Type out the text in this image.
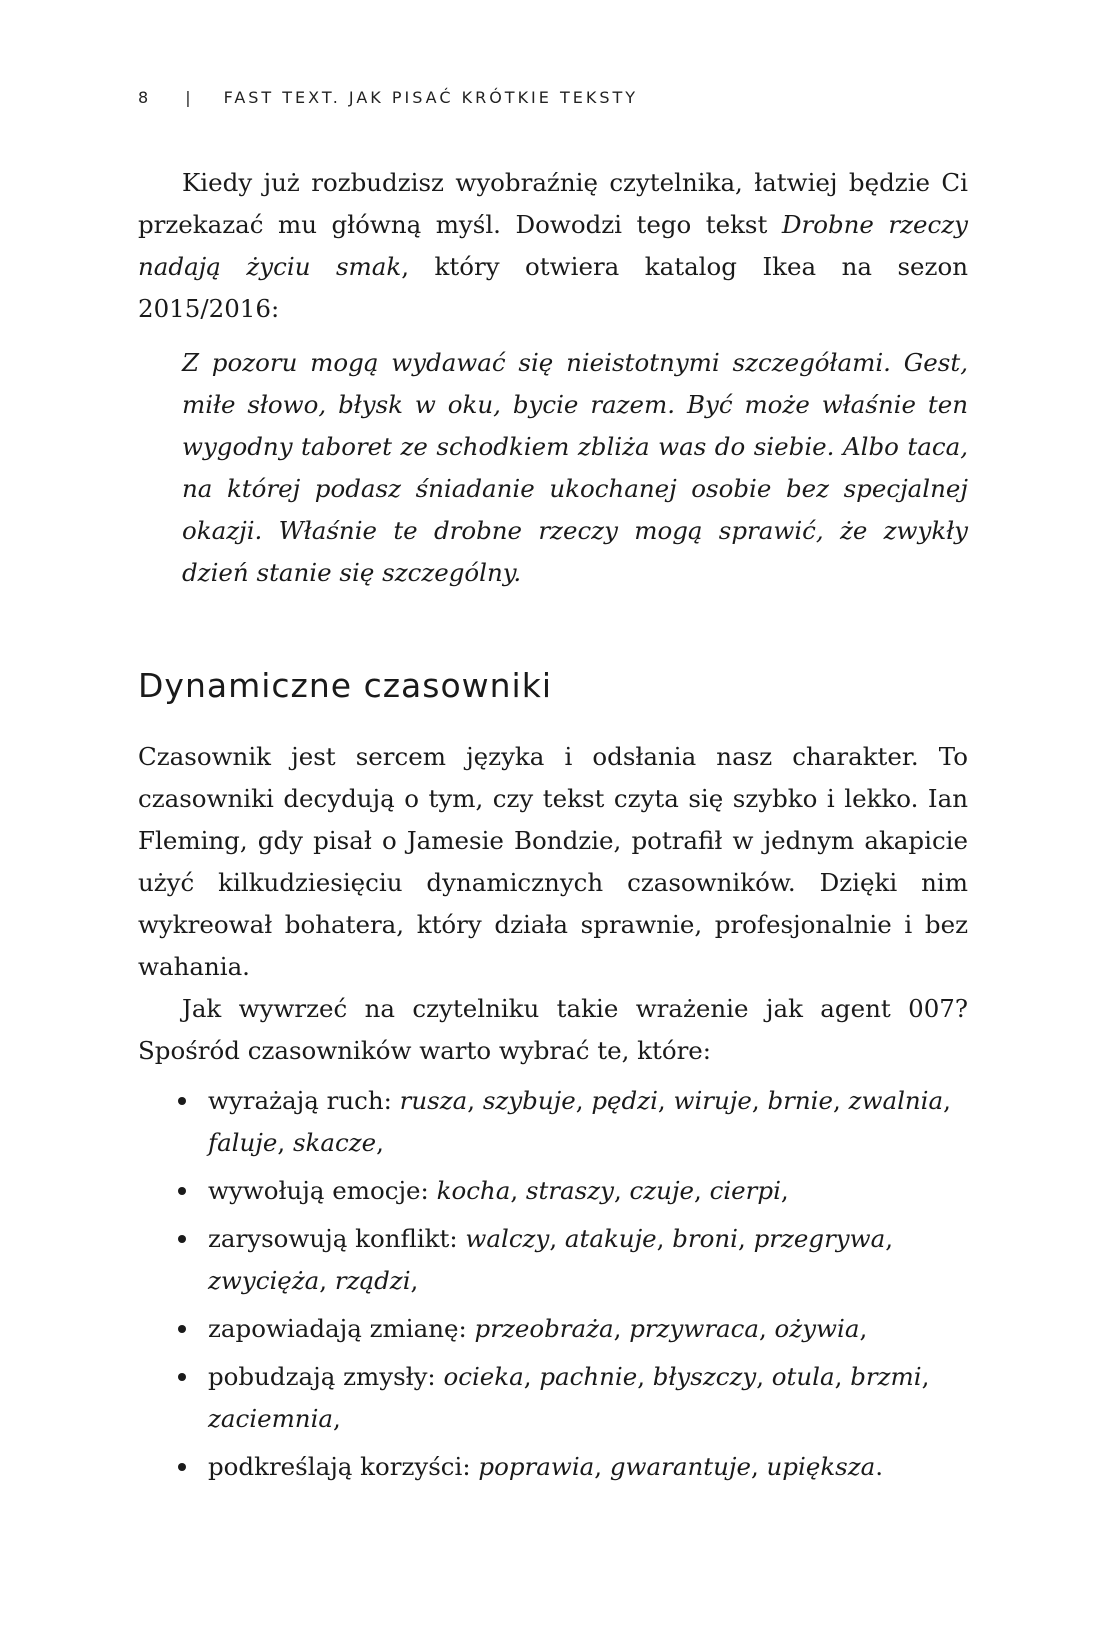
8 | FAST TEXT. JAK PISAĆ KRÓTKIE TEKSTY

Kiedy już rozbudzisz wyobraźnię czytelnika, łatwiej będzie Ci przekazać mu główną myśl. Dowodzi tego tekst Drobne rzeczy nadają życiu smak, który otwiera katalog Ikea na sezon 2015/2016:

Z pozoru mogą wydawać się nieistotnymi szczegółami. Gest, miłe słowo, błysk w oku, bycie razem. Być może właśnie ten wygodny taboret ze schodkiem zbliża was do siebie. Albo taca, na której podasz śniadanie ukochanej osobie bez specjalnej okazji. Właśnie te drobne rzeczy mogą sprawić, że zwykły dzień stanie się szczególny.

Dynamiczne czasowniki

Czasownik jest sercem języka i odsłania nasz charakter. To czasowniki decydują o tym, czy tekst czyta się szybko i lekko. Ian Fleming, gdy pisał o Jamesie Bondzie, potrafił w jednym akapicie użyć kilkudziesięciu dynamicznych czasowników. Dzięki nim wykreował bohatera, który działa sprawnie, profesjonalnie i bez wahania.

Jak wywrzeć na czytelniku takie wrażenie jak agent 007? Spośród czasowników warto wybrać te, które:

wyrażają ruch: rusza, szybuje, pędzi, wiruje, brnie, zwalnia, faluje, skacze,
wywołują emocje: kocha, straszy, czuje, cierpi,
zarysowują konflikt: walczy, atakuje, broni, przegrywa, zwycięża, rządzi,
zapowiadają zmianę: przeobraża, przywraca, ożywia,
pobudzają zmysły: ocieka, pachnie, błyszczy, otula, brzmi, zaciemnia,
podkreślają korzyści: poprawia, gwarantuje, upiększa.
